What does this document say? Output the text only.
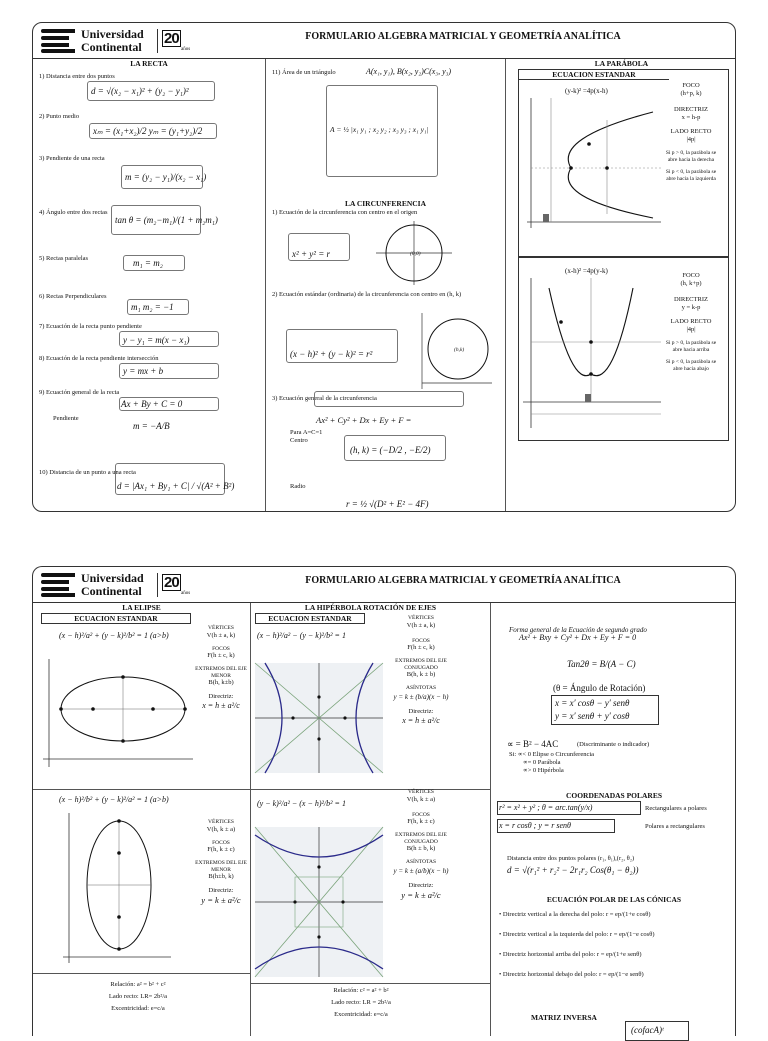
Universidad
Continental 20
años
FORMULARIO ALGEBRA MATRICIAL Y GEOMETRÍA ANALÍTICA
LA RECTA
1) Distancia entre dos puntos
d = √(x₂ − x₁)² + (y₂ − y₁)²
2) Punto medio
xₘ = (x₁+x₂)/2 yₘ = (y₁+y₂)/2
3) Pendiente de una recta
m = (y₂ − y₁)/(x₂ − x₁)
4) Ángulo entre dos rectas
tan θ = (m₂−m₁)/(1 + m₂m₁)
5) Rectas paralelas	m₁ = m₂
6) Rectas Perpendiculares
m₁ m₂ = −1
7) Ecuación de la recta punto pendiente
y − y₁ = m(x − x₁)
8) Ecuación de la recta pendiente intersección
y = mx + b
9) Ecuación general de la recta
Ax + By + C = 0
Pendiente
m = −A/B
10) Distancia de un punto a una recta
d = |Ax₁ + By₁ + C| / √(A² + B²)
11) Área de un triángulo	A(x₁, y₁), B(x₂, y₂)C(x₃, y₃)
A = ½ |x₁ y₁ ; x₂ y₂ ; x₃ y₃ ; x₁ y₁|
LA CIRCUNFERENCIA
1) Ecuación de la circunferencia con centro en el origen
x² + y² = r	(0,0)
2) Ecuación estándar (ordinaria) de la circunferencia con centro en (h, k)
(x − h)² + (y − k)² = r²	(h,k)
3) Ecuación general de la circunferencia
Ax² + Cy² + Dx + Ey + F =
Para A=C=1
Centro
(h, k) = (−D/2 , −E/2)
Radio
r = ½ √(D² + E² − 4F)
LA PARÁBOLA
ECUACION ESTANDAR
(y-k)² =4p(x-h)
FOCO
(h+p, k)
DIRECTRIZ
x = h-p
LADO RECTO
|4p|
Si p > 0, la parábola se abre hacia la derecha
Si p < 0, la parábola se abre hacia la izquierda
(x-h)² =4p(y-k)
FOCO
(h, k+p)
DIRECTRIZ
y = k-p
LADO RECTO
|4p|
Si p > 0, la parábola se abre hacia arriba
Si p < 0, la parábola se abre hacia abajo
Universidad
Continental 20
años
FORMULARIO ALGEBRA MATRICIAL Y GEOMETRÍA ANALÍTICA
LA ELIPSE
ECUACION ESTANDAR
(x − h)²/a² + (y − k)²/b² = 1 (a>b)
VÉRTICES
V(h ± a, k)
FOCOS
F(h ± c, k)
EXTREMOS DEL EJE MENOR
B(h, k±b)
Directriz:
x = h ± a²/c
(x − h)²/b² + (y − k)²/a² = 1 (a>b)
VÉRTICES
V(h, k ± a)
FOCOS
F(h, k ± c)
EXTREMOS DEL EJE MENOR
B(h±b, k)
Directriz:
y = k ± a²/c
Relación: a² = b² + c²
Lado recto: LR= 2b²/a
Excentricidad: e=c/a
LA HIPÉRBOLA ROTACIÓN DE EJES
ECUACION ESTANDAR
(x − h)²/a² − (y − k)²/b² = 1
VÉRTICES
V(h ± a, k)
FOCOS
F(h ± c, k)
EXTREMOS DEL EJE CONJUGADO
B(h, k ± b)
ASÍNTOTAS
y = k ± (b/a)(x − h)
Directriz:
x = h ± a²/c
(y − k)²/a² − (x − h)²/b² = 1
VÉRTICES
V(h, k ± a)
FOCOS
F(h, k ± c)
EXTREMOS DEL EJE CONJUGADO
B(h ± b, k)
ASÍNTOTAS
y = k ± (a/b)(x − h)
Directriz:
y = k ± a²/c
Relación: c² = a² + b²
Lado recto: LR = 2b²/a
Excentricidad: e=c/a
Forma general de la Ecuación de segundo grado
Ax² + Bxy + Cy² + Dx + Ey + F = 0
Tan2θ = B/(A − C)
(θ = Ángulo de Rotación)
x = x′ cosθ − y′ senθ
y = x′ senθ + y′ cosθ
∝ = B² − 4AC	(Discriminante o indicador)
Si: ∝< 0 Elipse o Circunferencia
∝= 0 Parábola
∝> 0 Hipérbola
COORDENADAS POLARES
r² = x² + y² ; θ = arc.tan(y/x)	Rectangulares a polares
x = r cosθ ; y = r senθ	Polares a rectangulares
Distancia entre dos puntos polares (r₁, θ₁),(r₂, θ₂)
d = √(r₁² + r₂² − 2r₁r₂ Cos(θ₁ − θ₂))
ECUACIÓN POLAR DE LAS CÓNICAS
• Directriz vertical a la derecha del polo: r = ep/(1+e cosθ)
• Directriz vertical a la izquierda del polo: r = ep/(1−e cosθ)
• Directriz horizontal arriba del polo: r = ep/(1+e senθ)
• Directriz horizontal debajo del polo: r = ep/(1−e senθ)
MATRIZ INVERSA
(cofacA)ᵗ
